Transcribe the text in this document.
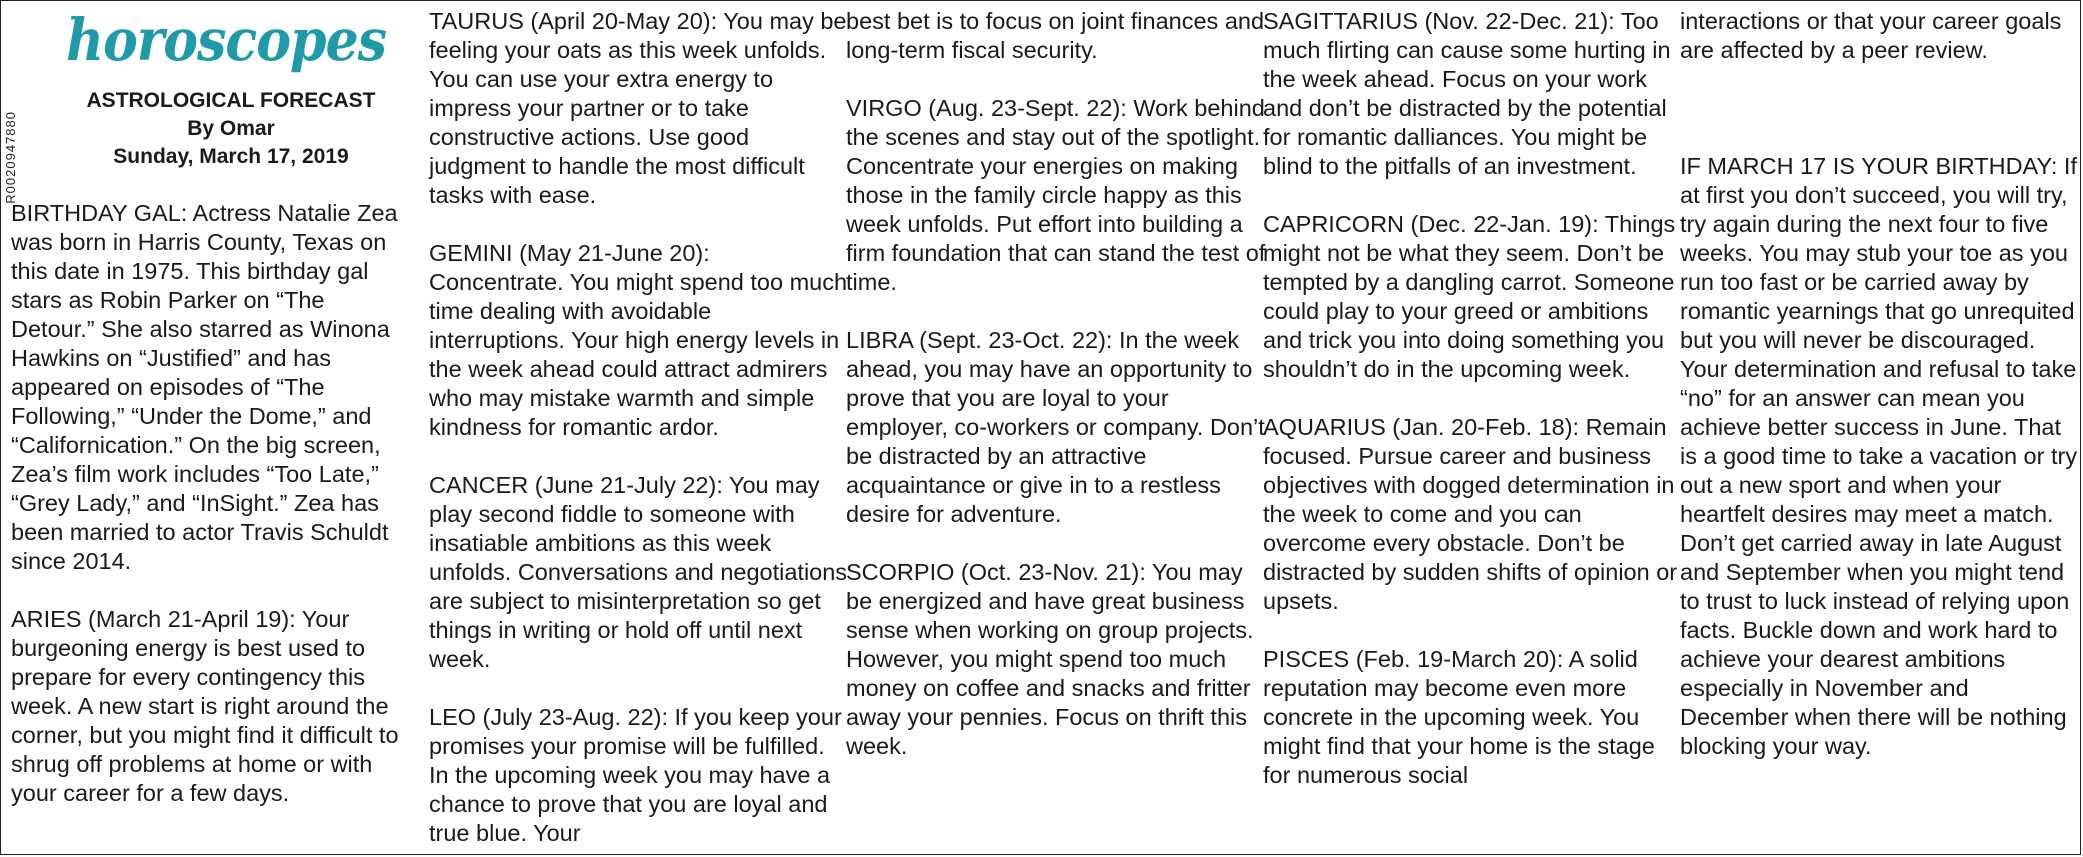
R0020947880
horoscopes
ASTROLOGICAL FORECAST
By Omar
Sunday, March 17, 2019

BIRTHDAY GAL: Actress Natalie Zea was born in Harris County, Texas on this date in 1975. This birthday gal stars as Robin Parker on “The Detour.” She also starred as Winona Hawkins on “Justified” and has appeared on episodes of “The Following,” “Under the Dome,” and “Californication.” On the big screen, Zea’s film work includes “Too Late,” “Grey Lady,” and “InSight.” Zea has been married to actor Travis Schuldt since 2014.

ARIES (March 21-April 19): Your burgeoning energy is best used to prepare for every contingency this week. A new start is right around the corner, but you might find it difficult to shrug off problems at home or with your career for a few days.

TAURUS (April 20-May 20): You may be feeling your oats as this week unfolds. You can use your extra energy to impress your partner or to take constructive actions. Use good judgment to handle the most difficult tasks with ease.

GEMINI (May 21-June 20): Concentrate. You might spend too much time dealing with avoidable interruptions. Your high energy levels in the week ahead could attract admirers who may mistake warmth and simple kindness for romantic ardor.

CANCER (June 21-July 22): You may play second fiddle to someone with insatiable ambitions as this week unfolds. Conversations and negotiations are subject to misinterpretation so get things in writing or hold off until next week.

LEO (July 23-Aug. 22): If you keep your promises your promise will be fulfilled. In the upcoming week you may have a chance to prove that you are loyal and true blue. Your

best bet is to focus on joint finances and long-term fiscal security.

VIRGO (Aug. 23-Sept. 22): Work behind the scenes and stay out of the spotlight. Concentrate your energies on making those in the family circle happy as this week unfolds. Put effort into building a firm foundation that can stand the test of time.

LIBRA (Sept. 23-Oct. 22): In the week ahead, you may have an opportunity to prove that you are loyal to your employer, co-workers or company. Don’t be distracted by an attractive acquaintance or give in to a restless desire for adventure.

SCORPIO (Oct. 23-Nov. 21): You may be energized and have great business sense when working on group projects. However, you might spend too much money on coffee and snacks and fritter away your pennies. Focus on thrift this week.

SAGITTARIUS (Nov. 22-Dec. 21): Too much flirting can cause some hurting in the week ahead. Focus on your work and don’t be distracted by the potential for romantic dalliances. You might be blind to the pitfalls of an investment.

CAPRICORN (Dec. 22-Jan. 19): Things might not be what they seem. Don’t be tempted by a dangling carrot. Someone could play to your greed or ambitions and trick you into doing something you shouldn’t do in the upcoming week.

AQUARIUS (Jan. 20-Feb. 18): Remain focused. Pursue career and business objectives with dogged determination in the week to come and you can overcome every obstacle. Don’t be distracted by sudden shifts of opinion or upsets.

PISCES (Feb. 19-March 20): A solid reputation may become even more concrete in the upcoming week. You might find that your home is the stage for numerous social

interactions or that your career goals are affected by a peer review.

IF MARCH 17 IS YOUR BIRTHDAY: If at first you don’t succeed, you will try, try again during the next four to five weeks. You may stub your toe as you run too fast or be carried away by romantic yearnings that go unrequited but you will never be discouraged. Your determination and refusal to take “no” for an answer can mean you achieve better success in June. That is a good time to take a vacation or try out a new sport and when your heartfelt desires may meet a match. Don’t get carried away in late August and September when you might tend to trust to luck instead of relying upon facts. Buckle down and work hard to achieve your dearest ambitions especially in November and December when there will be nothing blocking your way.
